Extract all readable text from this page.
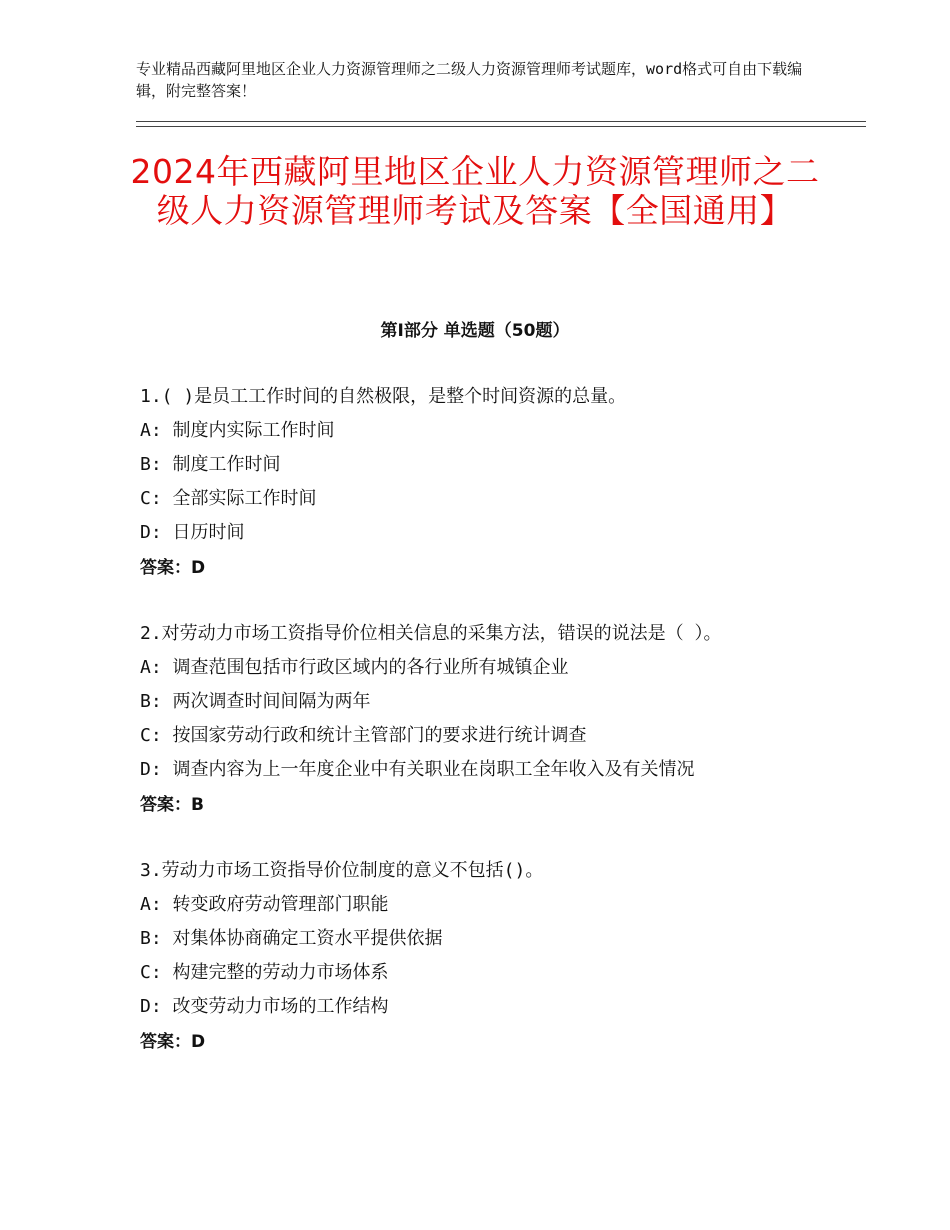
专业精品西藏阿里地区企业人力资源管理师之二级人力资源管理师考试题库，word格式可自由下载编辑，附完整答案！
2024年西藏阿里地区企业人力资源管理师之二级人力资源管理师考试及答案【全国通用】
第Ⅰ部分 单选题（50题）
1.( )是员工工作时间的自然极限，是整个时间资源的总量。
A: 制度内实际工作时间
B: 制度工作时间
C: 全部实际工作时间
D: 日历时间
答案：D
2.对劳动力市场工资指导价位相关信息的采集方法，错误的说法是（ ）。
A: 调查范围包括市行政区域内的各行业所有城镇企业
B: 两次调查时间间隔为两年
C: 按国家劳动行政和统计主管部门的要求进行统计调查
D: 调查内容为上一年度企业中有关职业在岗职工全年收入及有关情况
答案：B
3.劳动力市场工资指导价位制度的意义不包括()。
A: 转变政府劳动管理部门职能
B: 对集体协商确定工资水平提供依据
C: 构建完整的劳动力市场体系
D: 改变劳动力市场的工作结构
答案：D
